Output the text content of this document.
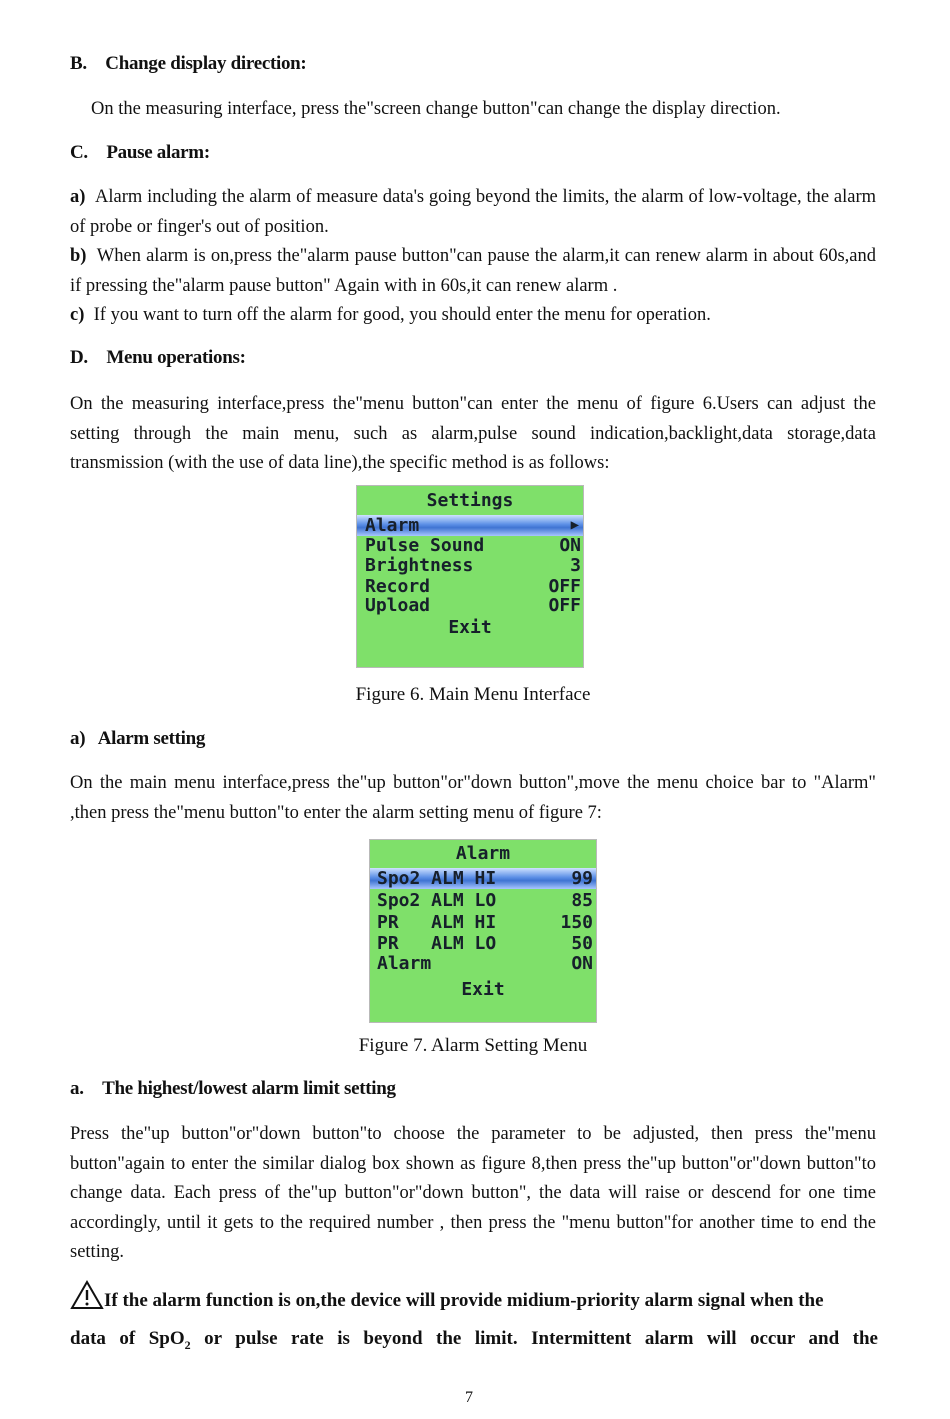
B. Change display direction:
On the measuring interface, press the"screen change button"can change the display direction.
C. Pause alarm:
a) Alarm including the alarm of measure data's going beyond the limits, the alarm of low-voltage, the alarm of probe or finger's out of position.
b) When alarm is on,press the"alarm pause button"can pause the alarm,it can renew alarm in about 60s,and if pressing the"alarm pause button" Again with in 60s,it can renew alarm .
c) If you want to turn off the alarm for good, you should enter the menu for operation.
D. Menu operations:
On the measuring interface,press the"menu button"can enter the menu of figure 6.Users can adjust the setting through the main menu, such as alarm,pulse sound indication,backlight,data storage,data transmission (with the use of data line),the specific method is as follows:
Settings
Alarm	▶
Pulse Sound	ON
Brightness	3
Record	OFF
Upload	OFF
Exit
Figure 6. Main Menu Interface
a) Alarm setting
On the main menu interface,press the"up button"or"down button",move the menu choice bar to "Alarm" ,then press the"menu button"to enter the alarm setting menu of figure 7:
Alarm
Spo2 ALM HI	99
Spo2 ALM LO	85
PR   ALM HI	150
PR   ALM LO	50
Alarm	ON
Exit
Figure 7. Alarm Setting Menu
a. The highest/lowest alarm limit setting
Press the"up button"or"down button"to choose the parameter to be adjusted, then press the"menu button"again to enter the similar dialog box shown as figure 8,then press the"up button"or"down button"to change data. Each press of the"up button"or"down button", the data will raise or descend for one time accordingly, until it gets to the required number , then press the "menu button"for another time to end the setting.
If the alarm function is on,the device will provide midium-priority alarm signal when the
data of SpO$_2$ or pulse rate is beyond the limit. Intermittent alarm will occur and the
7
